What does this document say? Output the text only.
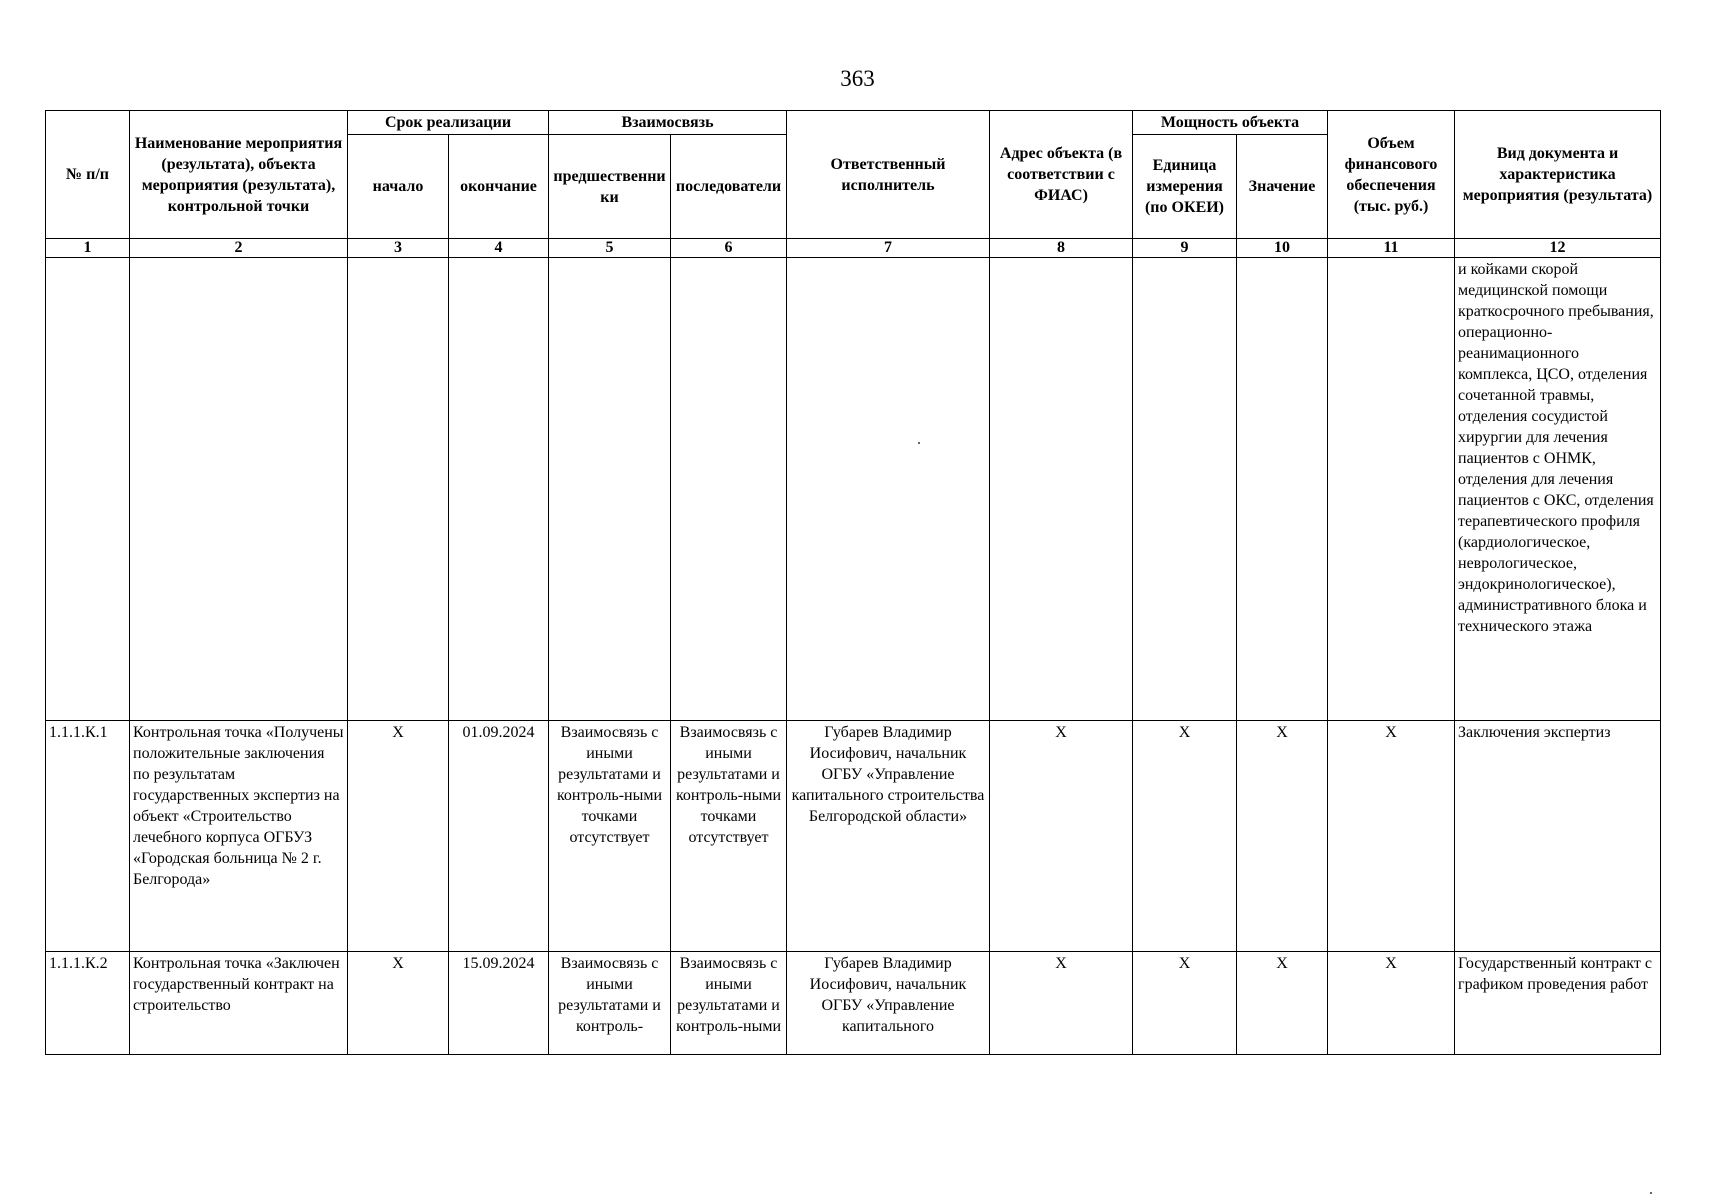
363
№ п/п	Наименование мероприятия (результата), объекта мероприятия (результата), контрольной точки	Срок реализации		Взаимосвязь		Ответственный исполнитель	Адрес объекта (в соответствии с ФИАС)	Мощность объекта		Объем финансового обеспечения (тыс. руб.)	Вид документа и характеристика мероприятия (результата)
		начало	окончание	предшественники	последователи			Единица измерения (по ОКЕИ)	Значение		
1	2	3	4	5	6	7	8	9	10	11	12
											и койками скорой медицинской помощи краткосрочного пребывания, операционно-реанимационного комплекса, ЦСО, отделения сочетанной травмы, отделения сосудистой хирургии для лечения пациентов с ОНМК, отделения для лечения пациентов с ОКС, отделения терапевтического профиля (кардиологическое, неврологическое, эндокринологическое), административного блока и технического этажа
1.1.1.К.1	Контрольная точка «Получены положительные заключения по результатам государственных экспертиз на объект «Строительство лечебного корпуса ОГБУЗ «Городская больница № 2 г. Белгорода»	X	01.09.2024	Взаимосвязь с иными результатами и контроль-ными точками отсутствует	Взаимосвязь с иными результатами и контроль-ными точками отсутствует	Губарев Владимир Иосифович, начальник ОГБУ «Управление капитального строительства Белгородской области»	X	X	X	X	Заключения экспертиз
1.1.1.К.2	Контрольная точка «Заключен государственный контракт на строительство	X	15.09.2024	Взаимосвязь с иными результатами и контроль-	Взаимосвязь с иными результатами и контроль-ными	Губарев Владимир Иосифович, начальник ОГБУ «Управление капитального	X	X	X	X	Государственный контракт с графиком проведения работ
